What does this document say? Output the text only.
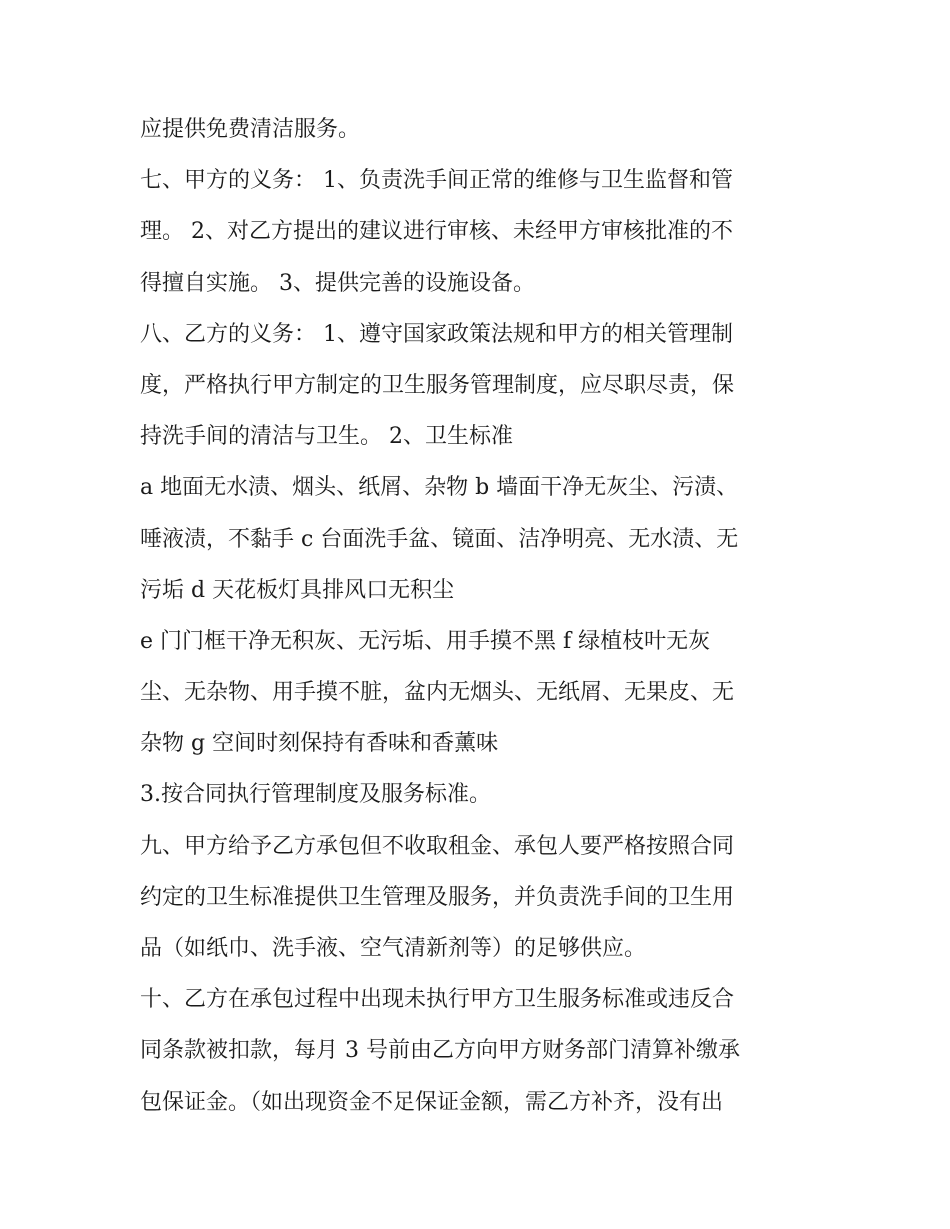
应提供免费清洁服务。
七、甲方的义务： 1、负责洗手间正常的维修与卫生监督和管
理。 2、对乙方提出的建议进行审核、未经甲方审核批准的不
得擅自实施。 3、提供完善的设施设备。
八、乙方的义务： 1、遵守国家政策法规和甲方的相关管理制
度，严格执行甲方制定的卫生服务管理制度，应尽职尽责，保
持洗手间的清洁与卫生。 2、卫生标准
a 地面无水渍、烟头、纸屑、杂物 b 墙面干净无灰尘、污渍、
唾液渍，不黏手 c 台面洗手盆、镜面、洁净明亮、无水渍、无
污垢 d 天花板灯具排风口无积尘
e 门门框干净无积灰、无污垢、用手摸不黑 f 绿植枝叶无灰
尘、无杂物、用手摸不脏，盆内无烟头、无纸屑、无果皮、无
杂物 g 空间时刻保持有香味和香薰味
3.按合同执行管理制度及服务标准。
九、甲方给予乙方承包但不收取租金、承包人要严格按照合同
约定的卫生标准提供卫生管理及服务，并负责洗手间的卫生用
品（如纸巾、洗手液、空气清新剂等）的足够供应。
十、乙方在承包过程中出现未执行甲方卫生服务标准或违反合
同条款被扣款，每月 3 号前由乙方向甲方财务部门清算补缴承
包保证金。（如出现资金不足保证金额，需乙方补齐，没有出
